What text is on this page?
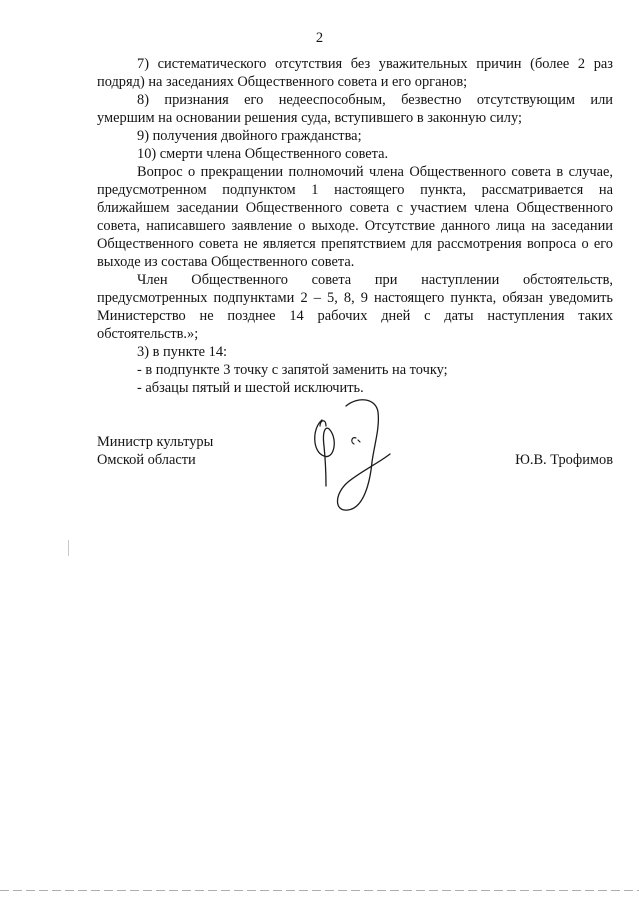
2
7) систематического отсутствия без уважительных причин (более 2 раз
подряд) на заседаниях Общественного совета и его органов;
8) признания его недееспособным, безвестно отсутствующим или
умершим на основании решения суда, вступившего в законную силу;
9) получения двойного гражданства;
10) смерти члена Общественного совета.
Вопрос о прекращении полномочий члена Общественного совета в случае,
предусмотренном подпунктом 1 настоящего пункта, рассматривается на
ближайшем заседании Общественного совета с участием члена Общественного
совета, написавшего заявление о выходе. Отсутствие данного лица на заседании
Общественного совета не является препятствием для рассмотрения вопроса о его
выходе из состава Общественного совета.
Член Общественного совета при наступлении обстоятельств,
предусмотренных подпунктами 2 – 5, 8, 9 настоящего пункта, обязан уведомить
Министерство не позднее 14 рабочих дней с даты наступления таких
обстоятельств.»;
3) в пункте 14:
- в подпункте 3 точку с запятой заменить на точку;
- абзацы пятый и шестой исключить.
Министр культуры
Омской области	Ю.В. Трофимов
